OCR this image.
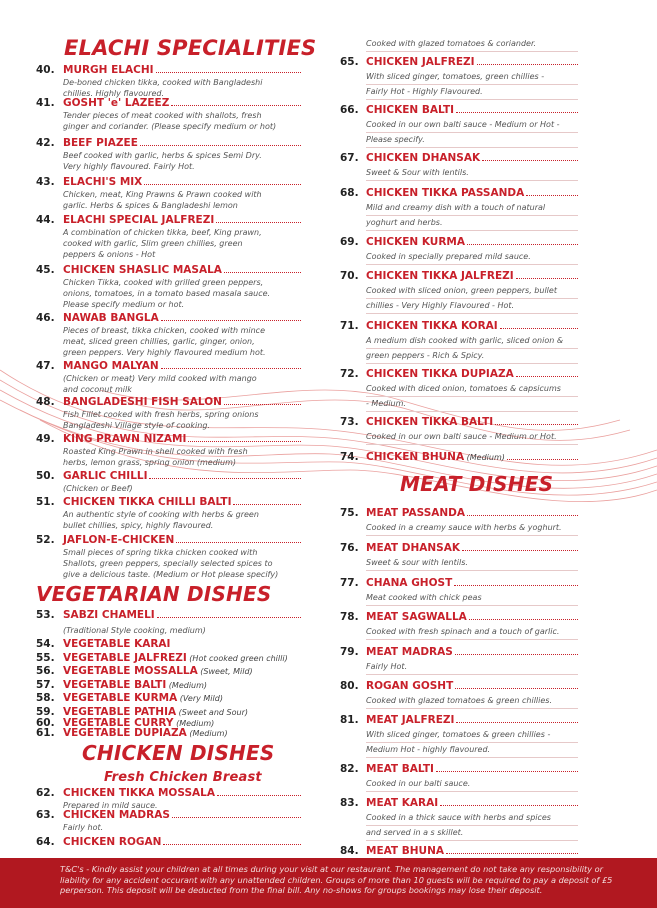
ELACHI SPECIALITIES
40. MURGH ELACHI
De-boned chicken tikka, cooked with Bangladeshi
chillies. Highly flavoured.
41. GOSHT 'e' LAZEEZ
Tender pieces of meat cooked with shallots, fresh
ginger and coriander. (Please specify medium or hot)
42. BEEF PIAZEE
Beef cooked with garlic, herbs & spices Semi Dry.
Very highly flavoured. Fairly Hot.
43. ELACHI'S MIX
Chicken, meat, King Prawns & Prawn cooked with
garlic. Herbs & spices & Bangladeshi lemon
44. ELACHI SPECIAL JALFREZI
A combination of chicken tikka, beef, King prawn,
cooked with garlic, Slim green chillies, green
peppers & onions - Hot
45. CHICKEN SHASLIC MASALA
Chicken Tikka, cooked with grilled green peppers,
onions, tomatoes, in a tomato based masala sauce.
Please specify medium or hot.
46. NAWAB BANGLA
Pieces of breast, tikka chicken, cooked with mince
meat, sliced green chillies, garlic, ginger, onion,
green peppers. Very highly flavoured medium hot.
47. MANGO MALYAN
(Chicken or meat) Very mild cooked with mango
and coconut milk
48. BANGLADESHI FISH SALON
Fish Fillet cooked with fresh herbs, spring onions
Bangladeshi Village style of cooking.
49. KING PRAWN NIZAMI
Roasted King Prawn in shell cooked with fresh
herbs, lemon grass, spring onion (medium)
50. GARLIC CHILLI
(Chicken or Beef)
51. CHICKEN TIKKA CHILLI BALTI
An authentic style of cooking with herbs & green
bullet chillies, spicy, highly flavoured.
52. JAFLON-E-CHICKEN
Small pieces of spring tikka chicken cooked with
Shallots, green peppers, specially selected spices to
give a delicious taste. (Medium or Hot please specify)
VEGETARIAN DISHES
53. SABZI CHAMELI
(Traditional Style cooking, medium)
54. VEGETABLE KARAI
55. VEGETABLE JALFREZI (Hot cooked green chilli)
56. VEGETABLE MOSSALLA (Sweet, Mild)
57. VEGETABLE BALTI (Medium)
58. VEGETABLE KURMA (Very Mild)
59. VEGETABLE PATHIA (Sweet and Sour)
60. VEGETABLE CURRY (Medium)
61. VEGETABLE DUPIAZA (Medium)
CHICKEN DISHES
Fresh Chicken Breast
62. CHICKEN TIKKA MOSSALA
Prepared in mild sauce.
63. CHICKEN MADRAS
Fairly hot.
64. CHICKEN ROGAN
Cooked with glazed tomatoes & coriander.
65. CHICKEN JALFREZI
With sliced ginger, tomatoes, green chillies -
Fairly Hot - Highly Flavoured.
66. CHICKEN BALTI
Cooked in our own balti sauce - Medium or Hot -
Please specify.
67. CHICKEN DHANSAK
Sweet & Sour with lentils.
68. CHICKEN TIKKA PASSANDA
Mild and creamy dish with a touch of natural
yoghurt and herbs.
69. CHICKEN KURMA
Cooked in specially prepared mild sauce.
70. CHICKEN TIKKA JALFREZI
Cooked with sliced onion, green peppers, bullet
chillies - Very Highly Flavoured - Hot.
71. CHICKEN TIKKA KORAI
A medium dish cooked with garlic, sliced onion &
green peppers - Rich & Spicy.
72. CHICKEN TIKKA DUPIAZA
Cooked with diced onion, tomatoes & capsicums
- Medium.
73. CHICKEN TIKKA BALTI
Cooked in our own balti sauce - Medium or Hot.
74. CHICKEN BHUNA (Medium)
MEAT DISHES
75. MEAT PASSANDA
Cooked in a creamy sauce with herbs & yoghurt.
76. MEAT DHANSAK
Sweet & sour with lentils.
77. CHANA GHOST
Meat cooked with chick peas
78. MEAT SAGWALLA
Cooked with fresh spinach and a touch of garlic.
79. MEAT MADRAS
Fairly Hot.
80. ROGAN GOSHT
Cooked with glazed tomatoes & green chillies.
81. MEAT JALFREZI
With sliced ginger, tomatoes & green chillies -
Medium Hot - highly flavoured.
82. MEAT BALTI
Cooked in our balti sauce.
83. MEAT KARAI
Cooked in a thick sauce with herbs and spices
and served in a s skillet.
84. MEAT BHUNA

T&C's - Kindly assist your children at all times during your visit at our restaurant. The management do not take any responsibility or liability for any accident occurant with any unattended children. Groups of more than 10 guests will be required to pay a deposit of £5 perperson. This deposit will be deducted from the final bill. Any no-shows for groups bookings may lose their deposit.
